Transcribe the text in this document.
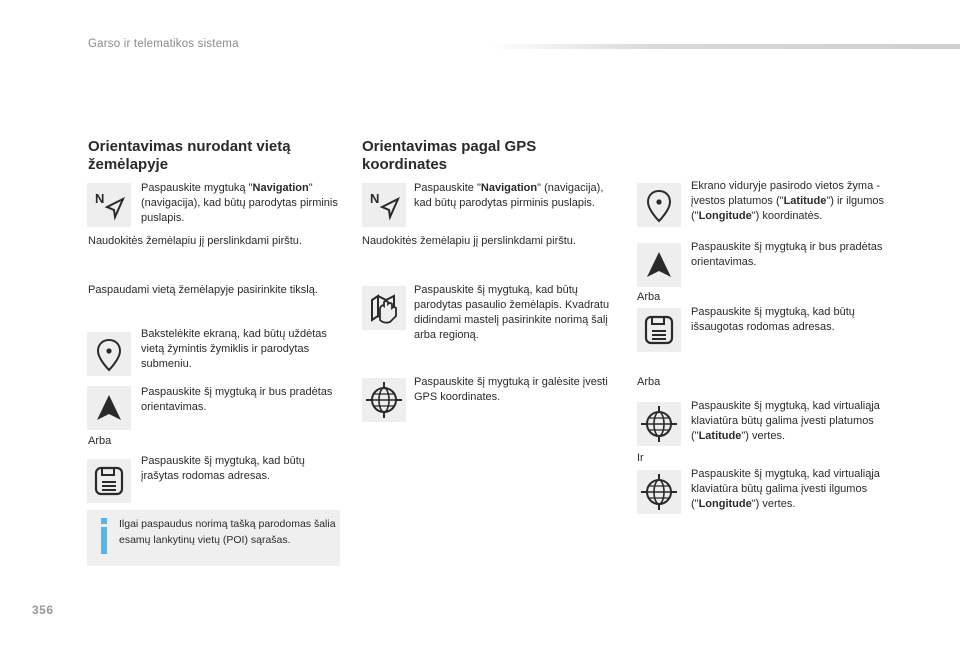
Garso ir telematikos sistema
Orientavimas nurodant vietą žemėlapyje
N
Paspauskite mygtuką "Navigation" (navigacija), kad būtų parodytas pirminis puslapis.
Naudokitės žemėlapiu jį perslinkdami pirštu.
Paspaudami vietą žemėlapyje pasirinkite tikslą.
Bakstelėkite ekraną, kad būtų uždėtas vietą žymintis žymiklis ir parodytas submeniu.
Paspauskite šį mygtuką ir bus pradėtas orientavimas.
Arba
Paspauskite šį mygtuką, kad būtų įrašytas rodomas adresas.
Ilgai paspaudus norimą tašką parodomas šalia esamų lankytinų vietų (POI) sąrašas.
Orientavimas pagal GPS koordinates
N
Paspauskite "Navigation" (navigacija), kad būtų parodytas pirminis puslapis.
Naudokitės žemėlapiu jį perslinkdami pirštu.
Paspauskite šį mygtuką, kad būtų parodytas pasaulio žemėlapis. Kvadratu didindami mastelį pasirinkite norimą šalį arba regioną.
Paspauskite šį mygtuką ir galėsite įvesti GPS koordinates.
Ekrano viduryje pasirodo vietos žyma - įvestos platumos ("Latitude") ir ilgumos ("Longitude") koordinatės.
Paspauskite šį mygtuką ir bus pradėtas orientavimas.
Arba
Paspauskite šį mygtuką, kad būtų išsaugotas rodomas adresas.
Arba
Paspauskite šį mygtuką, kad virtualiąja klaviatūra būtų galima įvesti platumos ("Latitude") vertes.
Ir
Paspauskite šį mygtuką, kad virtualiąja klaviatūra būtų galima įvesti ilgumos ("Longitude") vertes.
356
